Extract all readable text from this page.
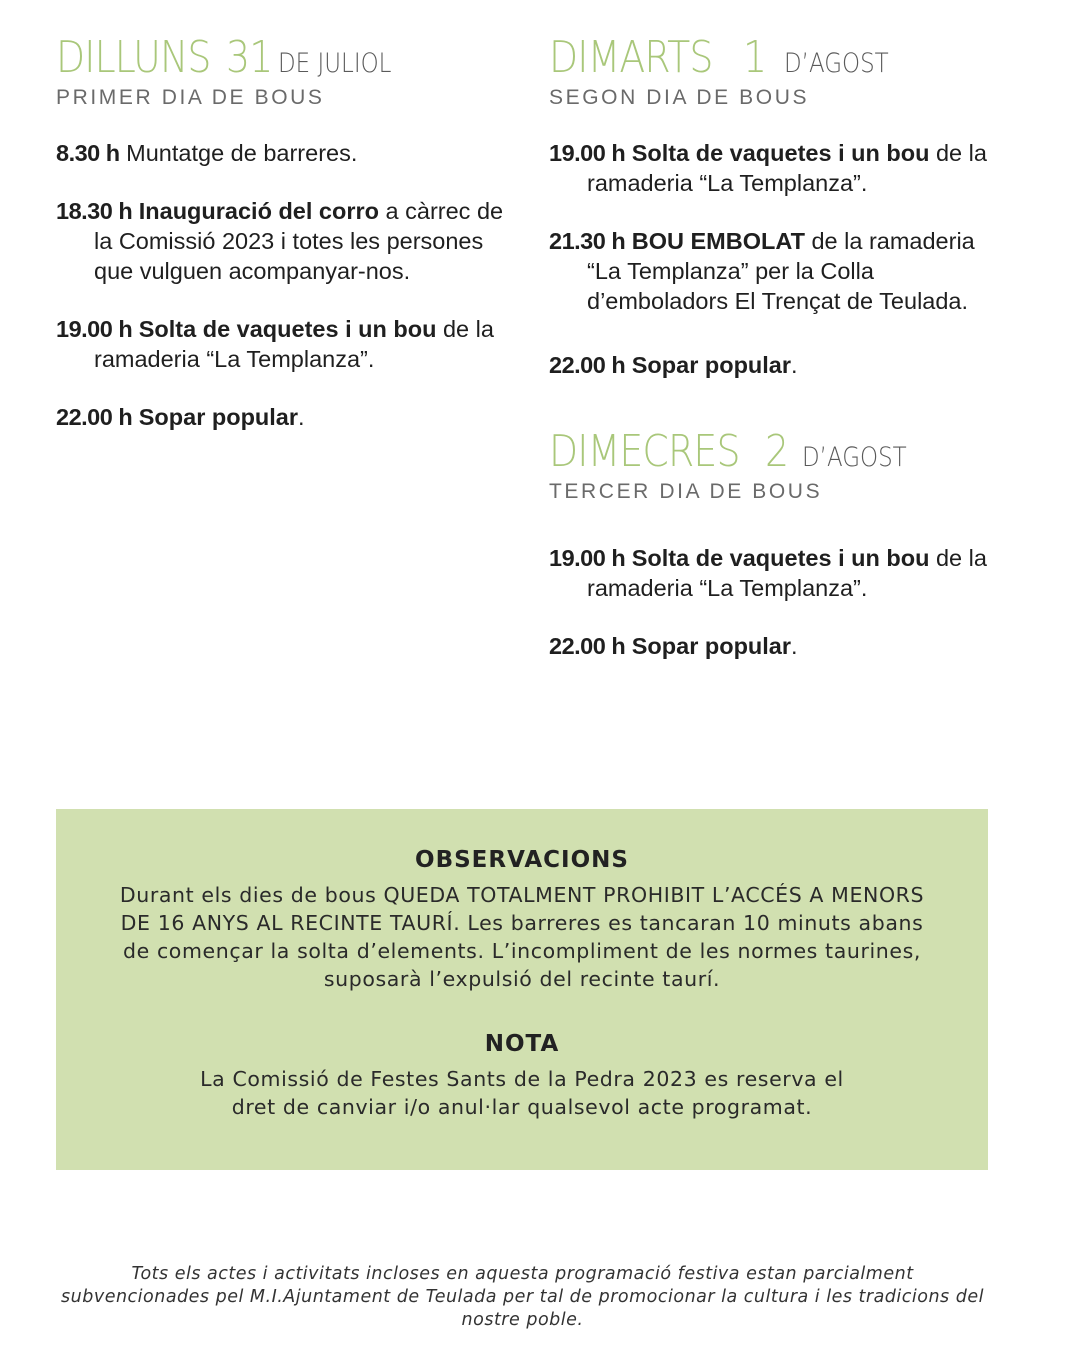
DILLUNS 31 DE JULIOL
PRIMER DIA DE BOUS
8.30 h Muntatge de barreres.
18.30 h Inauguració del corro a càrrec de la Comissió 2023 i totes les persones que vulguen acompanyar-nos.
19.00 h Solta de vaquetes i un bou de la ramaderia “La Templanza”.
22.00 h Sopar popular.
DIMARTS 1 D’AGOST
SEGON DIA DE BOUS
19.00 h Solta de vaquetes i un bou de la ramaderia “La Templanza”.
21.30 h BOU EMBOLAT de la ramaderia “La Templanza” per la Colla d’emboladors El Trençat de Teulada.
22.00 h Sopar popular.
DIMECRES 2 D’AGOST
TERCER DIA DE BOUS
19.00 h Solta de vaquetes i un bou de la ramaderia “La Templanza”.
22.00 h Sopar popular.
OBSERVACIONS
Durant els dies de bous QUEDA TOTALMENT PROHIBIT L’ACCÉS A MENORS DE 16 ANYS AL RECINTE TAURÍ. Les barreres es tancaran 10 minuts abans de començar la solta d’elements. L’incompliment de les normes taurines, suposarà l’expulsió del recinte taurí.
NOTA
La Comissió de Festes Sants de la Pedra 2023 es reserva el dret de canviar i/o anul·lar qualsevol acte programat.
Tots els actes i activitats incloses en aquesta programació festiva estan parcialment subvencionades pel M.I.Ajuntament de Teulada per tal de promocionar la cultura i les tradicions del nostre poble.
